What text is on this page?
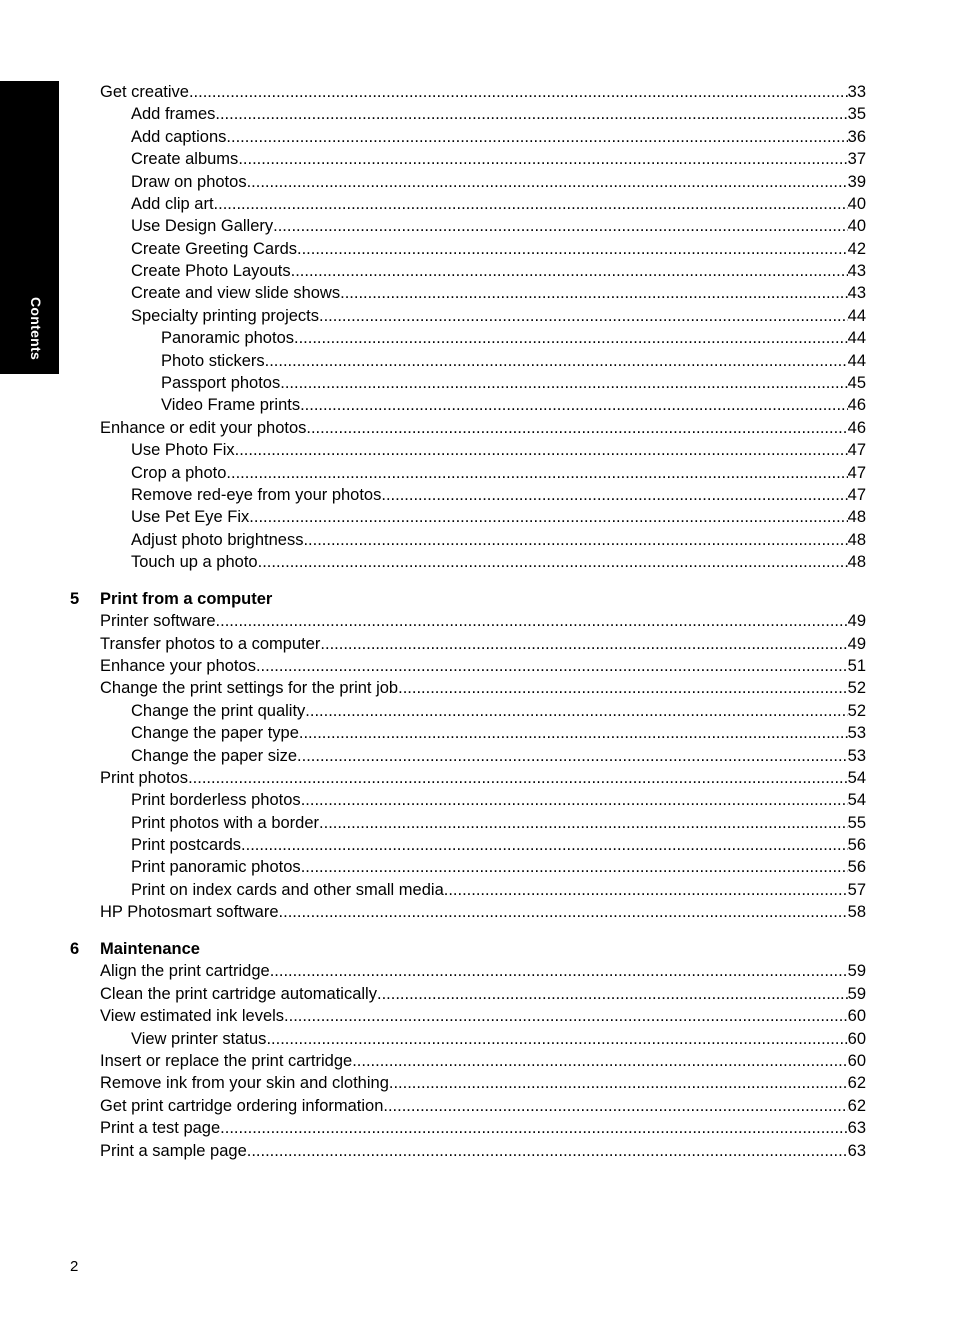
Contents
Get creative .....	33
Add frames .....	35
Add captions .....	36
Create albums .....	37
Draw on photos .....	39
Add clip art .....	40
Use Design Gallery .....	40
Create Greeting Cards .....	42
Create Photo Layouts .....	43
Create and view slide shows .....	43
Specialty printing projects .....	44
Panoramic photos .....	44
Photo stickers .....	44
Passport photos .....	45
Video Frame prints .....	46
Enhance or edit your photos .....	46
Use Photo Fix .....	47
Crop a photo .....	47
Remove red-eye from your photos .....	47
Use Pet Eye Fix .....	48
Adjust photo brightness .....	48
Touch up a photo .....	48
5 Print from a computer
Printer software .....	49
Transfer photos to a computer .....	49
Enhance your photos .....	51
Change the print settings for the print job .....	52
Change the print quality .....	52
Change the paper type .....	53
Change the paper size .....	53
Print photos .....	54
Print borderless photos .....	54
Print photos with a border .....	55
Print postcards .....	56
Print panoramic photos .....	56
Print on index cards and other small media .....	57
HP Photosmart software .....	58
6 Maintenance
Align the print cartridge .....	59
Clean the print cartridge automatically .....	59
View estimated ink levels .....	60
View printer status .....	60
Insert or replace the print cartridge .....	60
Remove ink from your skin and clothing .....	62
Get print cartridge ordering information .....	62
Print a test page .....	63
Print a sample page .....	63
2
